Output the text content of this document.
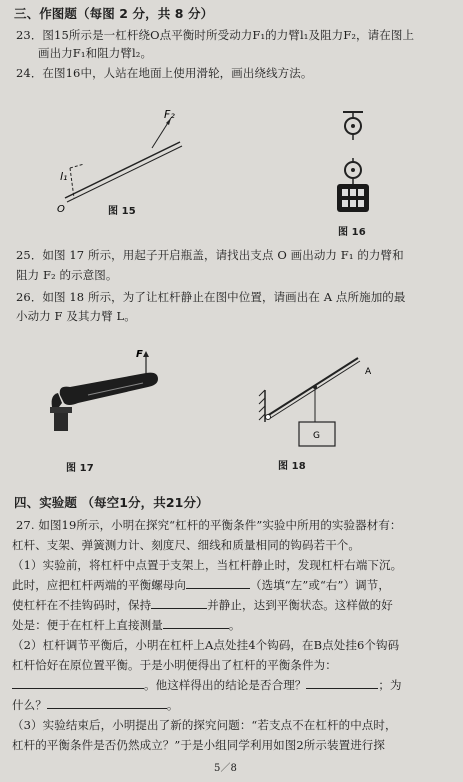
三、作图题（每图 2 分，共 8 分）
23．图15所示是一杠杆绕O点平衡时所受动力F₁的力臂l₁及阻力F₂，请在图上
画出力F₁和阻力臂l₂。
24．在图16中，人站在地面上使用滑轮，画出绕线方法。
F₂
l₁
O	图 15
图 16
25．如图 17 所示，用起子开启瓶盖，请找出支点 O 画出动力 F₁ 的力臂和
阻力 F₂ 的示意图。
26．如图 18 所示，为了让杠杆静止在图中位置，请画出在 A 点所施加的最
小动力 F 及其力臂 L。
F
图 17
G
A
图 18
四、实验题 （每空1分，共21分）
27. 如图19所示，小明在探究“杠杆的平衡条件”实验中所用的实验器材有：
杠杆、支架、弹簧测力计、刻度尺、细线和质量相同的钩码若干个。
（1）实验前，将杠杆中点置于支架上，当杠杆静止时，发现杠杆右端下沉。
此时，应把杠杆两端的平衡螺母向	（选填“左”或“右”）调节，
使杠杆在不挂钩码时，保持	并静止，达到平衡状态。这样做的好
处是：便于在杠杆上直接测量	。
（2）杠杆调节平衡后，小明在杠杆上A点处挂4个钩码，在B点处挂6个钩码
杠杆恰好在原位置平衡。于是小明便得出了杠杆的平衡条件为：
。他这样得出的结论是否合理？	；为
什么？	。
（3）实验结束后，小明提出了新的探究问题：“若支点不在杠杆的中点时，
杠杆的平衡条件是否仍然成立？”于是小组同学利用如图2所示装置进行探
5／8
